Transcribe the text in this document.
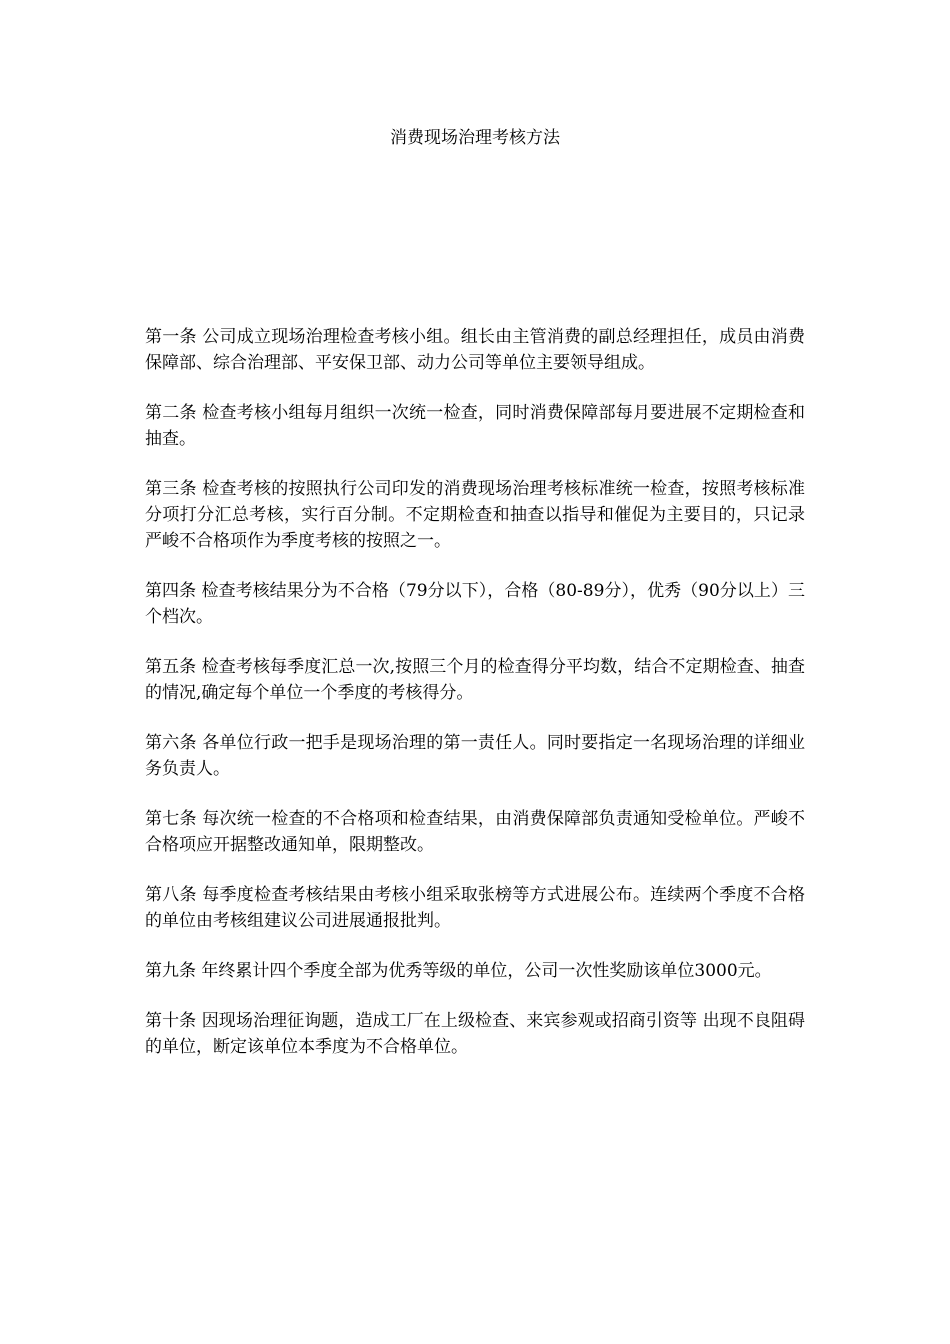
消费现场治理考核方法

第一条 公司成立现场治理检查考核小组。组长由主管消费的副总经理担任，成员由消费保障部、综合治理部、平安保卫部、动力公司等单位主要领导组成。

第二条 检查考核小组每月组织一次统一检查，同时消费保障部每月要进展不定期检查和抽查。

第三条 检查考核的按照执行公司印发的消费现场治理考核标准统一检查，按照考核标准分项打分汇总考核，实行百分制。不定期检查和抽查以指导和催促为主要目的，只记录严峻不合格项作为季度考核的按照之一。

第四条 检查考核结果分为不合格（79分以下），合格（80-89分），优秀（90分以上）三个档次。

第五条 检查考核每季度汇总一次,按照三个月的检查得分平均数，结合不定期检查、抽查的情况,确定每个单位一个季度的考核得分。

第六条 各单位行政一把手是现场治理的第一责任人。同时要指定一名现场治理的详细业务负责人。

第七条 每次统一检查的不合格项和检查结果，由消费保障部负责通知受检单位。严峻不合格项应开据整改通知单，限期整改。

第八条 每季度检查考核结果由考核小组采取张榜等方式进展公布。连续两个季度不合格的单位由考核组建议公司进展通报批判。

第九条 年终累计四个季度全部为优秀等级的单位，公司一次性奖励该单位3000元。

第十条 因现场治理征询题，造成工厂在上级检查、来宾参观或招商引资等 出现不良阻碍的单位，断定该单位本季度为不合格单位。
